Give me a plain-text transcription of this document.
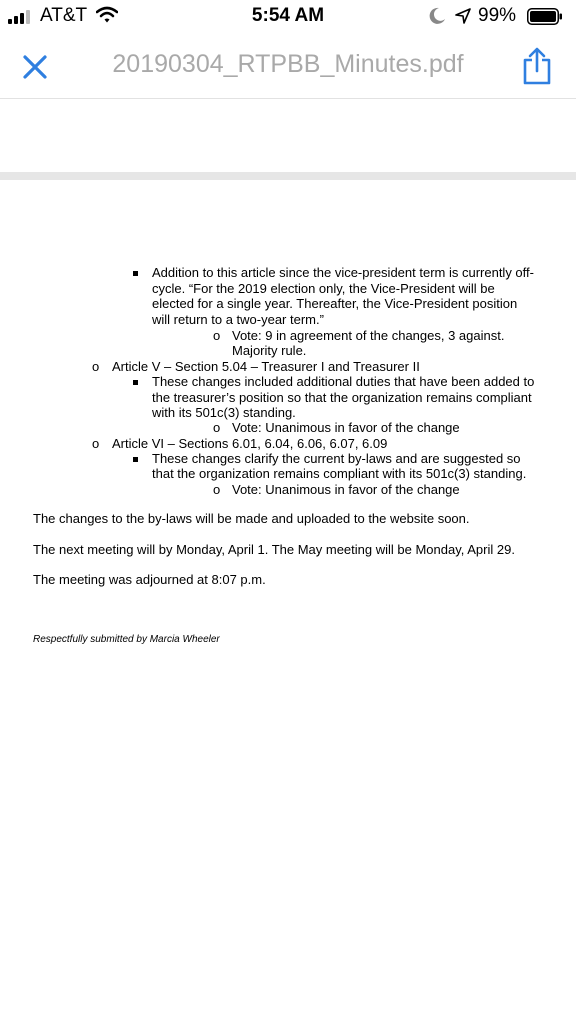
AT&T	5:54 AM	99%
20190304_RTPBB_Minutes.pdf
Addition to this article since the vice-president term is currently off-
cycle. “For the 2019 election only, the Vice-President will be
elected for a single year. Thereafter, the Vice-President position
will return to a two-year term.”
o Vote: 9 in agreement of the changes, 3 against.
Majority rule.
o Article V – Section 5.04 – Treasurer I and Treasurer II
These changes included additional duties that have been added to
the treasurer’s position so that the organization remains compliant
with its 501c(3) standing.
o Vote: Unanimous in favor of the change
o Article VI – Sections 6.01, 6.04, 6.06, 6.07, 6.09
These changes clarify the current by-laws and are suggested so
that the organization remains compliant with its 501c(3) standing.
o Vote: Unanimous in favor of the change
The changes to the by-laws will be made and uploaded to the website soon.
The next meeting will by Monday, April 1. The May meeting will be Monday, April 29.
The meeting was adjourned at 8:07 p.m.
Respectfully submitted by Marcia Wheeler
